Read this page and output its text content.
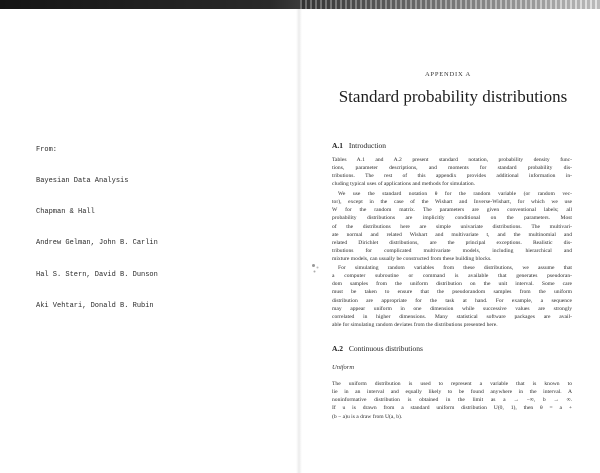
From:

Bayesian Data Analysis

Chapman & Hall

Andrew Gelman, John B. Carlin

Hal S. Stern, David B. Dunson

Aki Vehtari, Donald B. Rubin

APPENDIX A
Standard probability distributions
A.1 Introduction
Tables A.1 and A.2 present standard notation, probability density func-
tions, parameter descriptions, and moments for standard probability dis-
tributions. The rest of this appendix provides additional information in-
cluding typical uses of applications and methods for simulation.
We use the standard notation θ for the random variable (or random vec-
tor), except in the case of the Wishart and Inverse-Wishart, for which we use
W for the random matrix. The parameters are given conventional labels; all
probability distributions are implicitly conditional on the parameters. Most
of the distributions here are simple univariate distributions. The multivari-
ate normal and related Wishart and multivariate t, and the multinomial and
related Dirichlet distributions, are the principal exceptions. Realistic dis-
tributions for complicated multivariate models, including hierarchical and
mixture models, can usually be constructed from these building blocks.
For simulating random variables from these distributions, we assume that
a computer subroutine or command is available that generates pseudoran-
dom samples from the uniform distribution on the unit interval. Some care
must be taken to ensure that the pseudorandom samples from the uniform
distribution are appropriate for the task at hand. For example, a sequence
may appear uniform in one dimension while successive values are strongly
correlated in higher dimensions. Many statistical software packages are avail-
able for simulating random deviates from the distributions presented here.
A.2 Continuous distributions
Uniform
The uniform distribution is used to represent a variable that is known to
lie in an interval and equally likely to be found anywhere in the interval. A
noninformative distribution is obtained in the limit as a → −∞, b → ∞.
If u is drawn from a standard uniform distribution U(0, 1), then θ = a +
(b − a)u is a draw from U(a, b).
